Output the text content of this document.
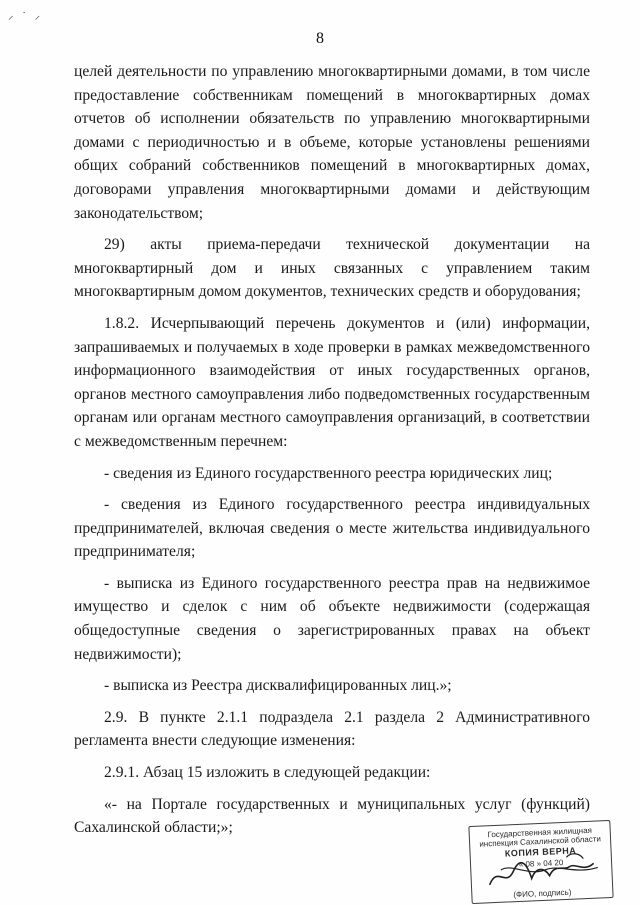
⸝ ˙ ⸝
8

целей деятельности по управлению многоквартирными домами, в том числе предоставление собственникам помещений в многоквартирных домах отчетов об исполнении обязательств по управлению многоквартирными домами с периодичностью и в объеме, которые установлены решениями общих собраний собственников помещений в многоквартирных домах, договорами управления многоквартирными домами и действующим законодательством;

29) акты приема-передачи технической документации на многоквартирный дом и иных связанных с управлением таким многоквартирным домом документов, технических средств и оборудования;

1.8.2. Исчерпывающий перечень документов и (или) информации, запрашиваемых и получаемых в ходе проверки в рамках межведомственного информационного взаимодействия от иных государственных органов, органов местного самоуправления либо подведомственных государственным органам или органам местного самоуправления организаций, в соответствии с межведомственным перечнем:

- сведения из Единого государственного реестра юридических лиц;

- сведения из Единого государственного реестра индивидуальных предпринимателей, включая сведения о месте жительства индивидуального предпринимателя;

- выписка из Единого государственного реестра прав на недвижимое имущество и сделок с ним об объекте недвижимости (содержащая общедоступные сведения о зарегистрированных правах на объект недвижимости);

- выписка из Реестра дисквалифицированных лиц.»;

2.9. В пункте 2.1.1 подраздела 2.1 раздела 2 Административного регламента внести следующие изменения:

2.9.1. Абзац 15 изложить в следующей редакции:

«- на Портале государственных и муниципальных услуг (функций) Сахалинской области;»;	Государственная жилищная инспекция Сахалинской области
КОПИЯ ВЕРНА
« 08 » 04 20
(ФИО, подпись)
